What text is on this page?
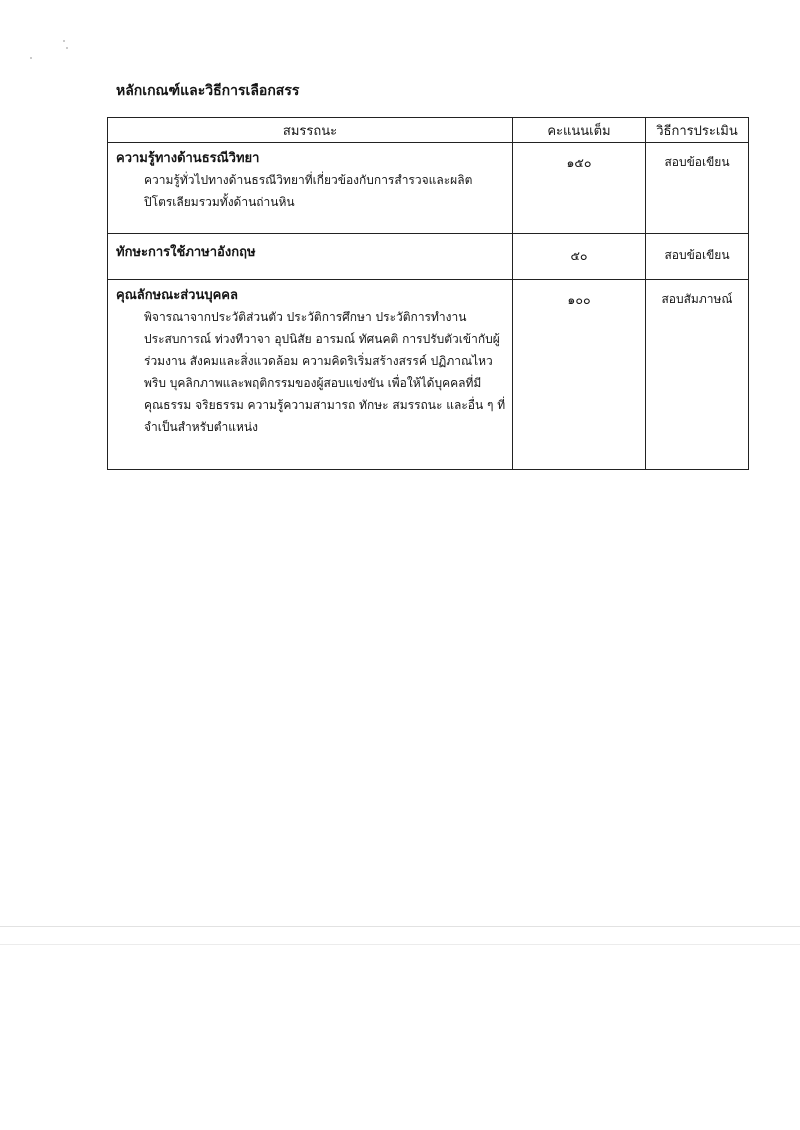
หลักเกณฑ์และวิธีการเลือกสรร
สมรรถนะ	คะแนนเต็ม	วิธีการประเมิน

ความรู้ทางด้านธรณีวิทยา

ความรู้ทั่วไปทางด้านธรณีวิทยาที่เกี่ยวข้องกับการสำรวจและผลิตปิโตรเลียมรวมทั้งด้านถ่านหิน	๑๕๐	สอบข้อเขียน

ทักษะการใช้ภาษาอังกฤษ	๕๐	สอบข้อเขียน

คุณลักษณะส่วนบุคคล

พิจารณาจากประวัติส่วนตัว ประวัติการศึกษา ประวัติการทำงาน ประสบการณ์ ท่วงทีวาจา อุปนิสัย อารมณ์ ทัศนคติ การปรับตัวเข้ากับผู้ร่วมงาน สังคมและสิ่งแวดล้อม ความคิดริเริ่มสร้างสรรค์ ปฏิภาณไหวพริบ บุคลิกภาพและพฤติกรรมของผู้สอบแข่งขัน เพื่อให้ได้บุคคลที่มีคุณธรรม จริยธรรม ความรู้ความสามารถ ทักษะ สมรรถนะ และอื่น ๆ ที่จำเป็นสำหรับตำแหน่ง	๑๐๐	สอบสัมภาษณ์
